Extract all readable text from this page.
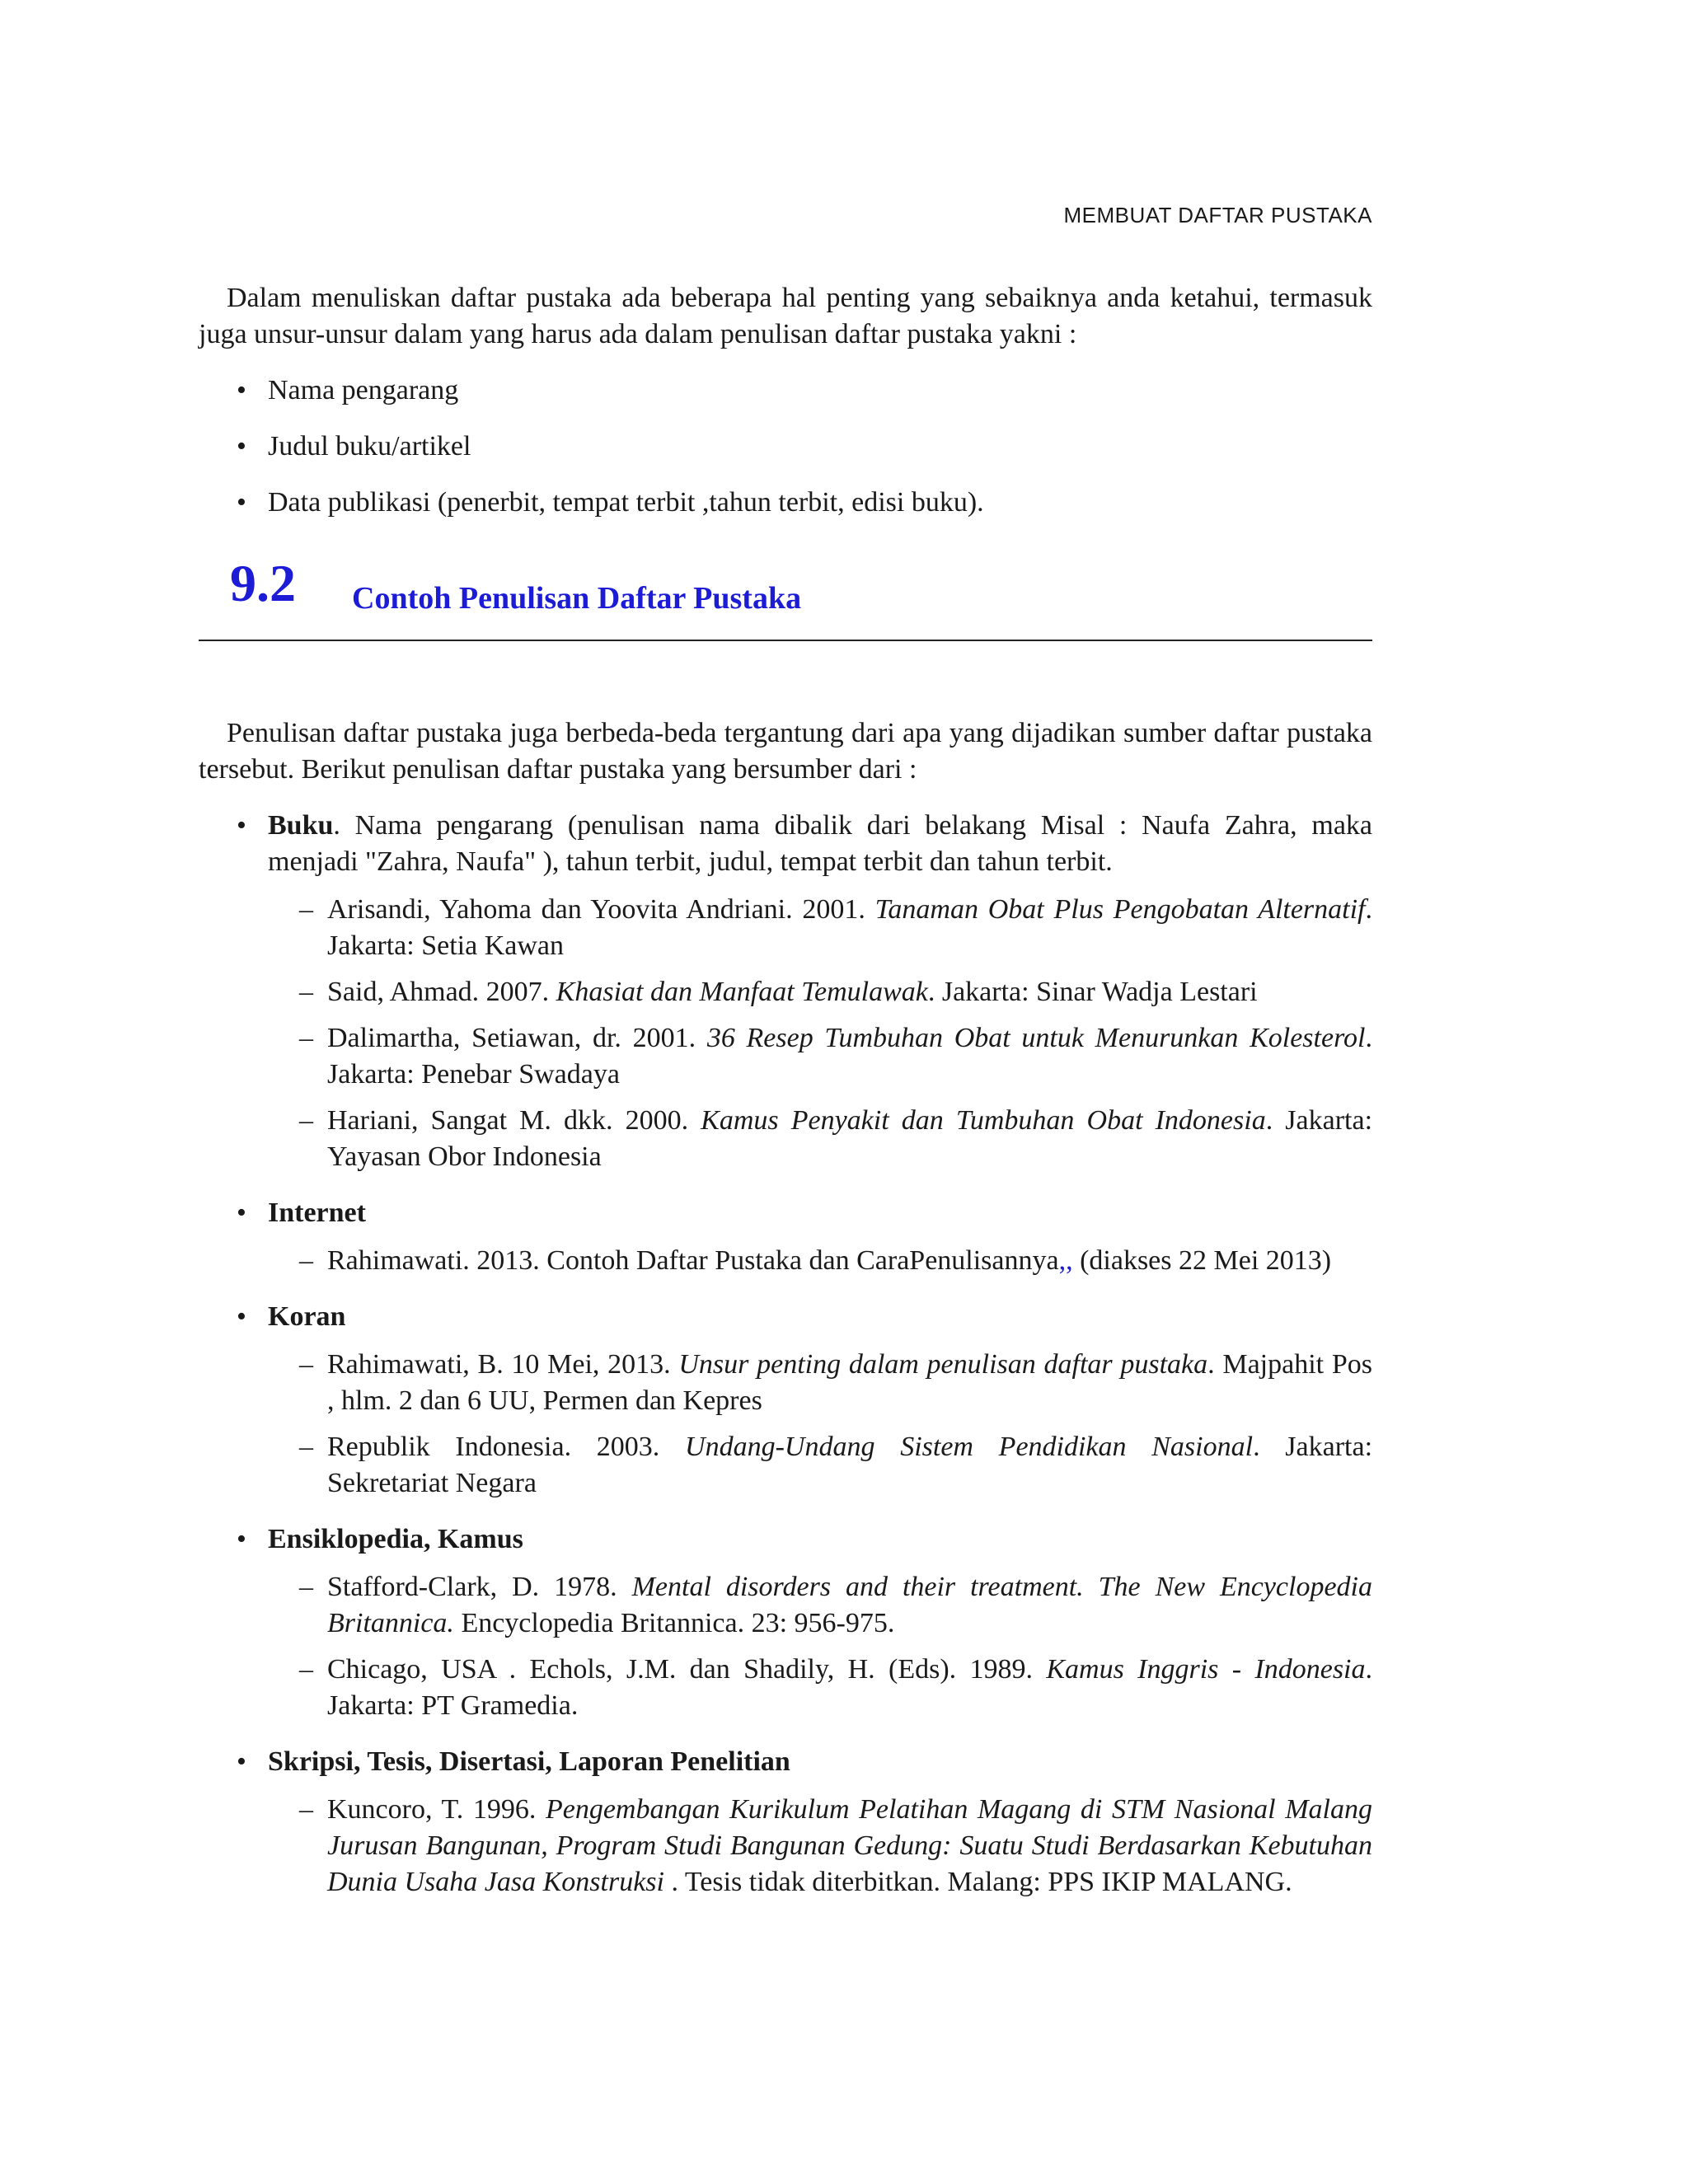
MEMBUAT DAFTAR PUSTAKA

Dalam menuliskan daftar pustaka ada beberapa hal penting yang sebaiknya anda ketahui, termasuk juga unsur-unsur dalam yang harus ada dalam penulisan daftar pustaka yakni :

• Nama pengarang
• Judul buku/artikel
• Data publikasi (penerbit, tempat terbit ,tahun terbit, edisi buku).
9.2 Contoh Penulisan Daftar Pustaka

Penulisan daftar pustaka juga berbeda-beda tergantung dari apa yang dijadikan sumber daftar pustaka tersebut. Berikut penulisan daftar pustaka yang bersumber dari :

• Buku. Nama pengarang (penulisan nama dibalik dari belakang Misal : Naufa Zahra, maka menjadi "Zahra, Naufa" ), tahun terbit, judul, tempat terbit dan tahun terbit.
– Arisandi, Yahoma dan Yoovita Andriani. 2001. Tanaman Obat Plus Pengobatan Alternatif. Jakarta: Setia Kawan
– Said, Ahmad. 2007. Khasiat dan Manfaat Temulawak. Jakarta: Sinar Wadja Lestari
– Dalimartha, Setiawan, dr. 2001. 36 Resep Tumbuhan Obat untuk Menurunkan Kolesterol. Jakarta: Penebar Swadaya
– Hariani, Sangat M. dkk. 2000. Kamus Penyakit dan Tumbuhan Obat Indonesia. Jakarta: Yayasan Obor Indonesia
• Internet
– Rahimawati. 2013. Contoh Daftar Pustaka dan CaraPenulisannya,, (diakses 22 Mei 2013)
• Koran
– Rahimawati, B. 10 Mei, 2013. Unsur penting dalam penulisan daftar pustaka. Majpahit Pos , hlm. 2 dan 6 UU, Permen dan Kepres
– Republik Indonesia. 2003. Undang-Undang Sistem Pendidikan Nasional. Jakarta: Sekretariat Negara
• Ensiklopedia, Kamus
– Stafford-Clark, D. 1978. Mental disorders and their treatment. The New Encyclopedia Britannica. Encyclopedia Britannica. 23: 956-975.
– Chicago, USA . Echols, J.M. dan Shadily, H. (Eds). 1989. Kamus Inggris - Indonesia. Jakarta: PT Gramedia.
• Skripsi, Tesis, Disertasi, Laporan Penelitian
– Kuncoro, T. 1996. Pengembangan Kurikulum Pelatihan Magang di STM Nasional Malang Jurusan Bangunan, Program Studi Bangunan Gedung: Suatu Studi Berdasarkan Kebutuhan Dunia Usaha Jasa Konstruksi . Tesis tidak diterbitkan. Malang: PPS IKIP MALANG.
